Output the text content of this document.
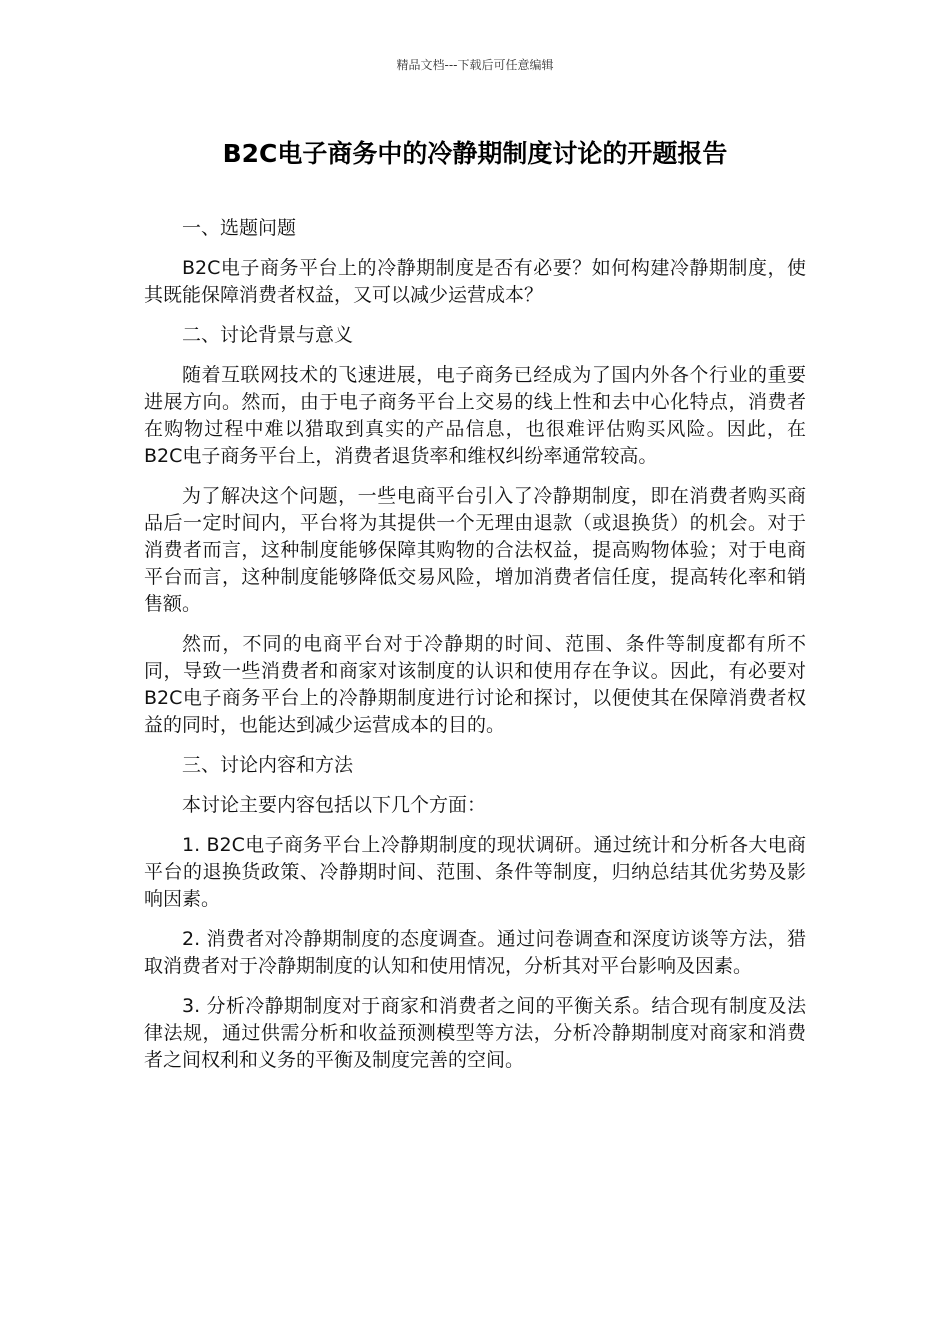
精品文档---下载后可任意编辑
B2C电子商务中的冷静期制度讨论的开题报告

一、选题问题

B2C电子商务平台上的冷静期制度是否有必要？如何构建冷静期制度，使其既能保障消费者权益，又可以减少运营成本？

二、讨论背景与意义

随着互联网技术的飞速进展，电子商务已经成为了国内外各个行业的重要进展方向。然而，由于电子商务平台上交易的线上性和去中心化特点，消费者在购物过程中难以猎取到真实的产品信息，也很难评估购买风险。因此，在B2C电子商务平台上，消费者退货率和维权纠纷率通常较高。

为了解决这个问题，一些电商平台引入了冷静期制度，即在消费者购买商品后一定时间内，平台将为其提供一个无理由退款（或退换货）的机会。对于消费者而言，这种制度能够保障其购物的合法权益，提高购物体验；对于电商平台而言，这种制度能够降低交易风险，增加消费者信任度，提高转化率和销售额。

然而，不同的电商平台对于冷静期的时间、范围、条件等制度都有所不同，导致一些消费者和商家对该制度的认识和使用存在争议。因此，有必要对B2C电子商务平台上的冷静期制度进行讨论和探讨，以便使其在保障消费者权益的同时，也能达到减少运营成本的目的。

三、讨论内容和方法

本讨论主要内容包括以下几个方面：

1. B2C电子商务平台上冷静期制度的现状调研。通过统计和分析各大电商平台的退换货政策、冷静期时间、范围、条件等制度，归纳总结其优劣势及影响因素。

2. 消费者对冷静期制度的态度调查。通过问卷调查和深度访谈等方法，猎取消费者对于冷静期制度的认知和使用情况，分析其对平台影响及因素。

3. 分析冷静期制度对于商家和消费者之间的平衡关系。结合现有制度及法律法规，通过供需分析和收益预测模型等方法，分析冷静期制度对商家和消费者之间权利和义务的平衡及制度完善的空间。
